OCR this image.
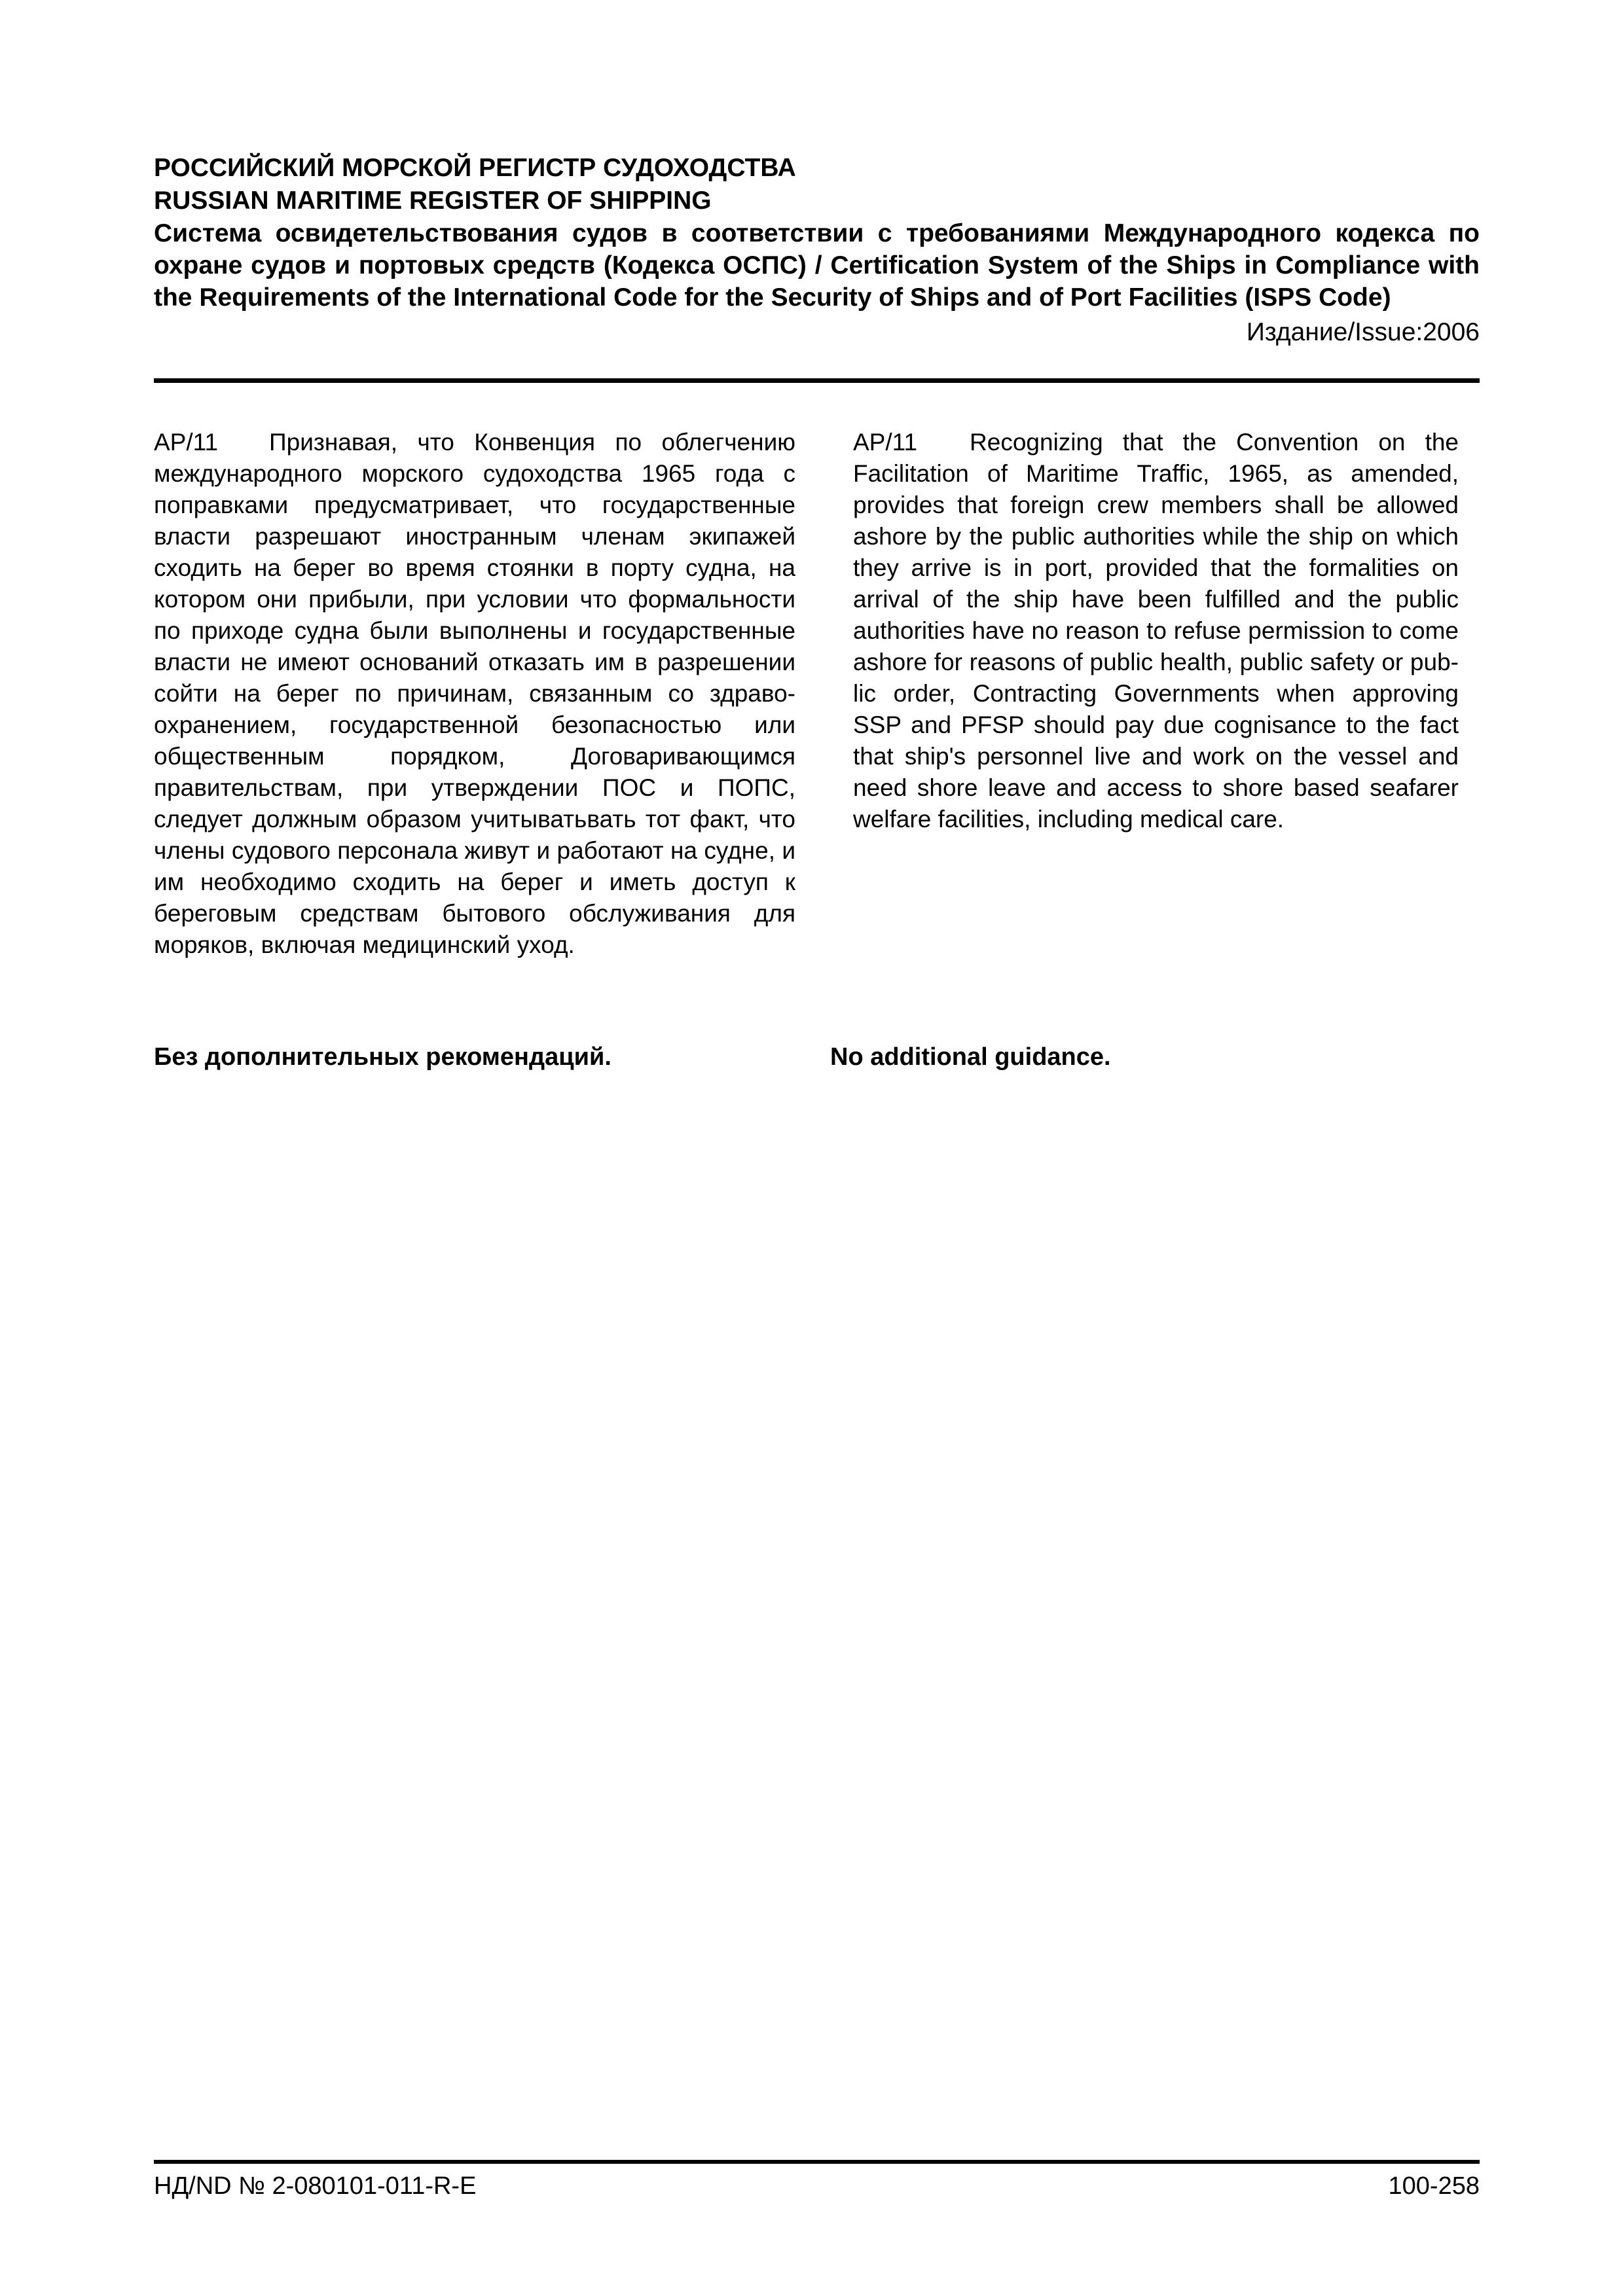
РОССИЙСКИЙ МОРСКОЙ РЕГИСТР СУДОХОДСТВА

RUSSIAN MARITIME REGISTER OF SHIPPING

Система освидетельствования судов в соответствии с требованиями Международного кодекса по охране судов и портовых средств (Кодекса ОСПС) / Certification System of the Ships in Compliance with the Requirements of the International Code for the Security of Ships and of Port Facilities (ISPS Code)

Издание/Issue:2006

АР/11 Признавая, что Конвенция по облегчению международного морского судоходства 1965 года с поправками предусматривает, что государственные власти разрешают иностранным членам экипажей сходить на берег во время стоянки в порту судна, на котором они прибыли, при условии что формальности по приходе судна были выполнены и государственные власти не имеют оснований отказать им в разрешении сойти на берег по причинам, связанным со здравоохранением, государственной безопасностью или общественным порядком, Договаривающимся правительствам, при утверждении ПОС и ПОПС, следует должным образом учитыватьвать тот факт, что члены судового персонала живут и работают на судне, и им необходимо сходить на берег и иметь доступ к береговым средствам бытового обслуживания для моряков, включая медицинский уход.

AP/11 Recognizing that the Convention on the Facilitation of Maritime Traffic, 1965, as amended, provides that foreign crew members shall be allowed ashore by the public authorities while the ship on which they arrive is in port, provided that the formalities on arrival of the ship have been fulfilled and the public authorities have no reason to refuse permission to come ashore for reasons of public health, public safety or public order, Contracting Governments when approving SSP and PFSP should pay due cognisance to the fact that ship's personnel live and work on the vessel and need shore leave and access to shore based seafarer welfare facilities, including medical care.

Без дополнительных рекомендаций.	No additional guidance.

НД/ND № 2-080101-011-R-E	100-258
